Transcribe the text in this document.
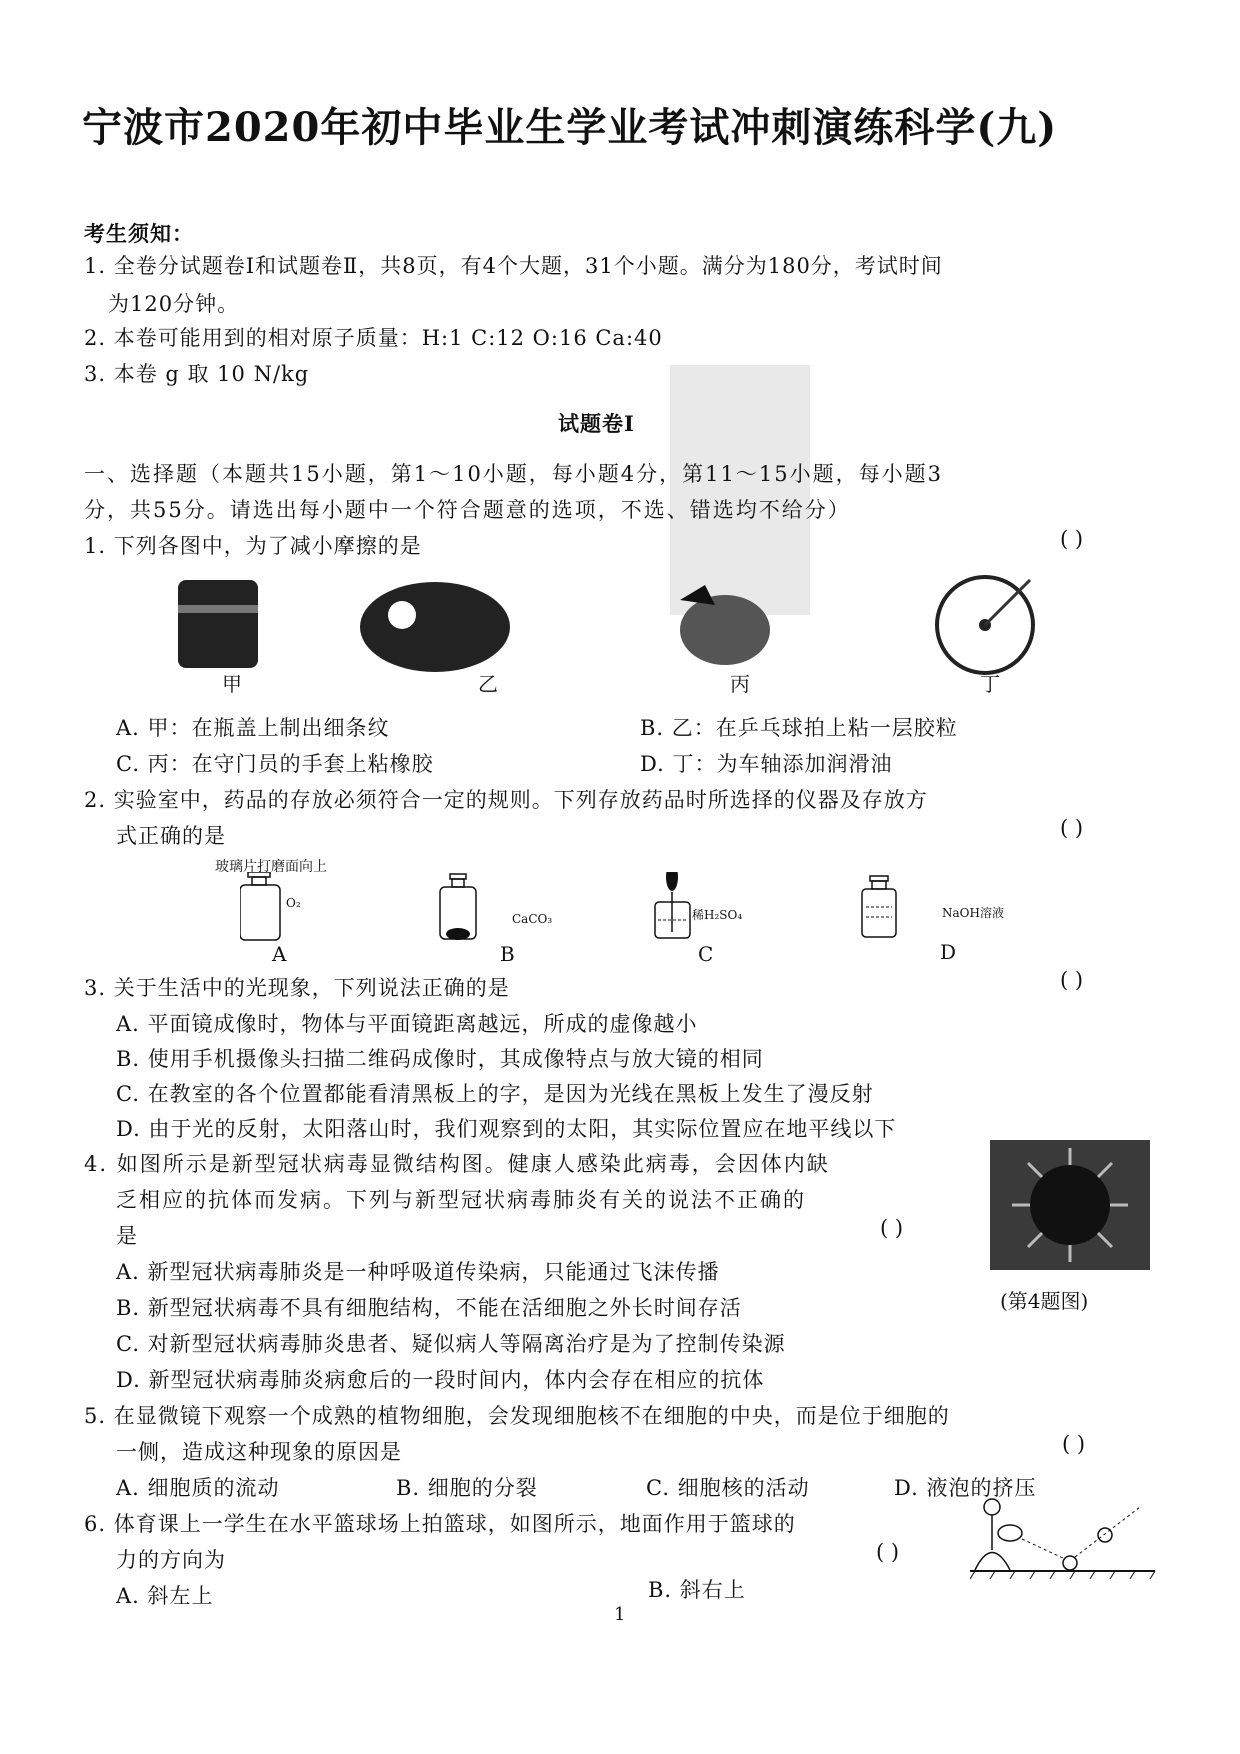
宁波市2020年初中毕业生学业考试冲刺演练科学(九)
考生须知：
1. 全卷分试题卷Ⅰ和试题卷Ⅱ，共8页，有4个大题，31个小题。满分为180分，考试时间
为120分钟。
2. 本卷可能用到的相对原子质量：H:1 C:12 O:16 Ca:40
3. 本卷 g 取 10 N/kg
试题卷Ⅰ
一、选择题（本题共15小题，第1～10小题，每小题4分，第11～15小题，每小题3
分，共55分。请选出每小题中一个符合题意的选项，不选、错选均不给分）
1. 下列各图中，为了减小摩擦的是	( )
甲	乙	丙	丁
A. 甲：在瓶盖上制出细条纹	B. 乙：在乒乓球拍上粘一层胶粒
C. 丙：在守门员的手套上粘橡胶	D. 丁：为车轴添加润滑油
2. 实验室中，药品的存放必须符合一定的规则。下列存放药品时所选择的仪器及存放方
式正确的是	( )
玻璃片打磨面向上
O₂
CaCO₃	稀H₂SO₄	NaOH溶液
A	B	C	D
3. 关于生活中的光现象，下列说法正确的是	( )
A. 平面镜成像时，物体与平面镜距离越远，所成的虚像越小
B. 使用手机摄像头扫描二维码成像时，其成像特点与放大镜的相同
C. 在教室的各个位置都能看清黑板上的字，是因为光线在黑板上发生了漫反射
D. 由于光的反射，太阳落山时，我们观察到的太阳，其实际位置应在地平线以下
4. 如图所示是新型冠状病毒显微结构图。健康人感染此病毒，会因体内缺
乏相应的抗体而发病。下列与新型冠状病毒肺炎有关的说法不正确的
是	( )
(第4题图)
A. 新型冠状病毒肺炎是一种呼吸道传染病，只能通过飞沫传播
B. 新型冠状病毒不具有细胞结构，不能在活细胞之外长时间存活
C. 对新型冠状病毒肺炎患者、疑似病人等隔离治疗是为了控制传染源
D. 新型冠状病毒肺炎病愈后的一段时间内，体内会存在相应的抗体
5. 在显微镜下观察一个成熟的植物细胞，会发现细胞核不在细胞的中央，而是位于细胞的
一侧，造成这种现象的原因是	( )
A. 细胞质的流动	B. 细胞的分裂	C. 细胞核的活动	D. 液泡的挤压
6. 体育课上一学生在水平篮球场上拍篮球，如图所示，地面作用于篮球的
力的方向为	( )
A. 斜左上	B. 斜右上
1
